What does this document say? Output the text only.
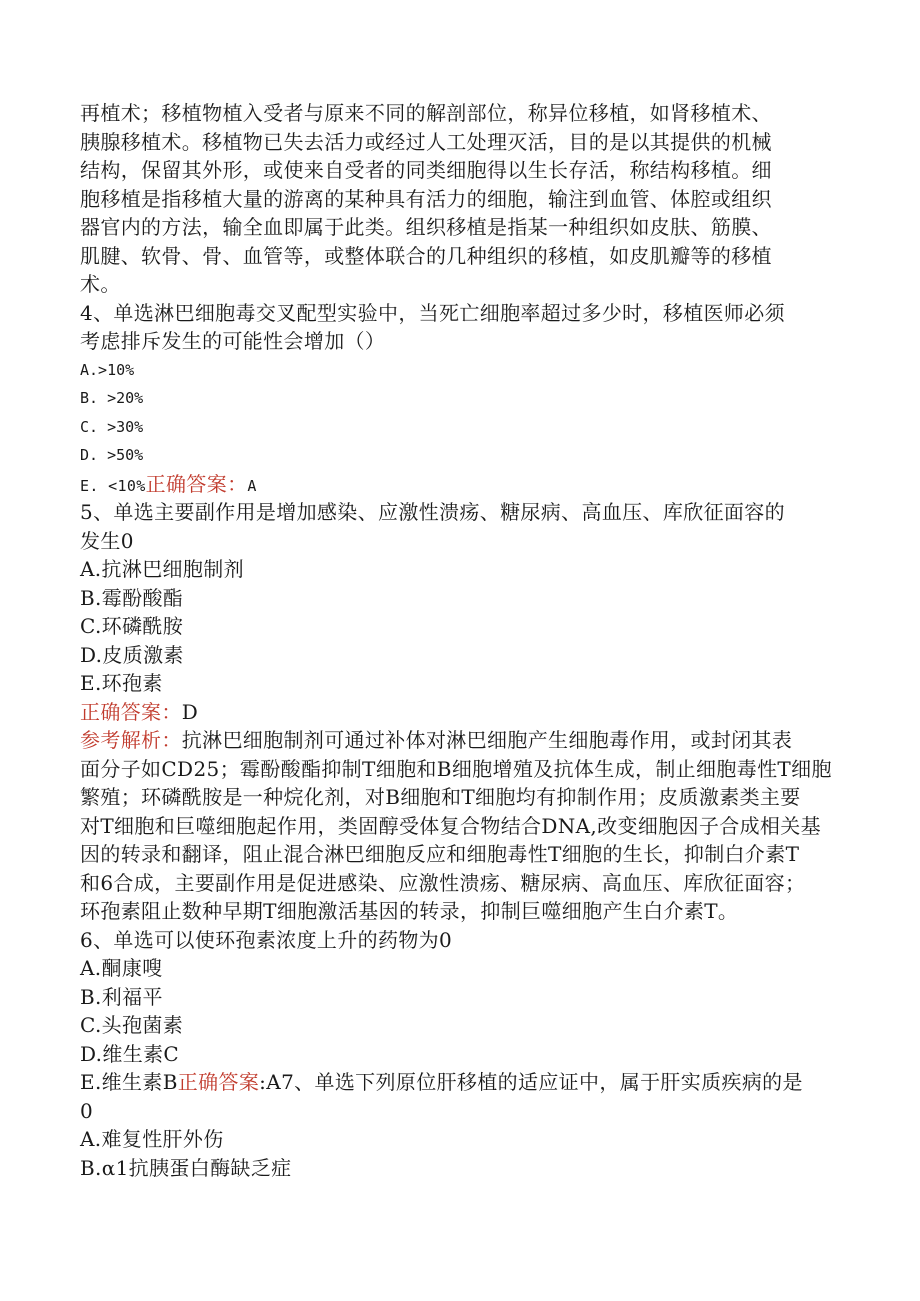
再植术；移植物植入受者与原来不同的解剖部位，称异位移植，如肾移植术、
胰腺移植术。移植物已失去活力或经过人工处理灭活，目的是以其提供的机械
结构，保留其外形，或使来自受者的同类细胞得以生长存活，称结构移植。细
胞移植是指移植大量的游离的某种具有活力的细胞，输注到血管、体腔或组织
器官内的方法，输全血即属于此类。组织移植是指某一种组织如皮肤、筋膜、
肌腱、软骨、骨、血管等，或整体联合的几种组织的移植，如皮肌瓣等的移植
术。
4、单选淋巴细胞毒交叉配型实验中，当死亡细胞率超过多少时，移植医师必须
考虑排斥发生的可能性会增加（）
A.>10%
B. >20%
C. >30%
D. >50%
E. <10%正确答案：A
5、单选主要副作用是增加感染、应激性溃疡、糖尿病、高血压、库欣征面容的
发生0
A.抗淋巴细胞制剂
B.霉酚酸酯
C.环磷酰胺
D.皮质激素
E.环孢素
正确答案：D
参考解析：抗淋巴细胞制剂可通过补体对淋巴细胞产生细胞毒作用，或封闭其表
面分子如CD25；霉酚酸酯抑制T细胞和B细胞增殖及抗体生成，制止细胞毒性T细胞
繁殖；环磷酰胺是一种烷化剂，对B细胞和T细胞均有抑制作用；皮质激素类主要
对T细胞和巨噬细胞起作用，类固醇受体复合物结合DNA,改变细胞因子合成相关基
因的转录和翻译，阻止混合淋巴细胞反应和细胞毒性T细胞的生长，抑制白介素T
和6合成，主要副作用是促进感染、应激性溃疡、糖尿病、高血压、库欣征面容；
环孢素阻止数种早期T细胞激活基因的转录，抑制巨噬细胞产生白介素T。
6、单选可以使环孢素浓度上升的药物为0
A.酮康嗖
B.利福平
C.头孢菌素
D.维生素C
E.维生素B正确答案:A7、单选下列原位肝移植的适应证中，属于肝实质疾病的是
0
A.难复性肝外伤
B.α1抗胰蛋白酶缺乏症
